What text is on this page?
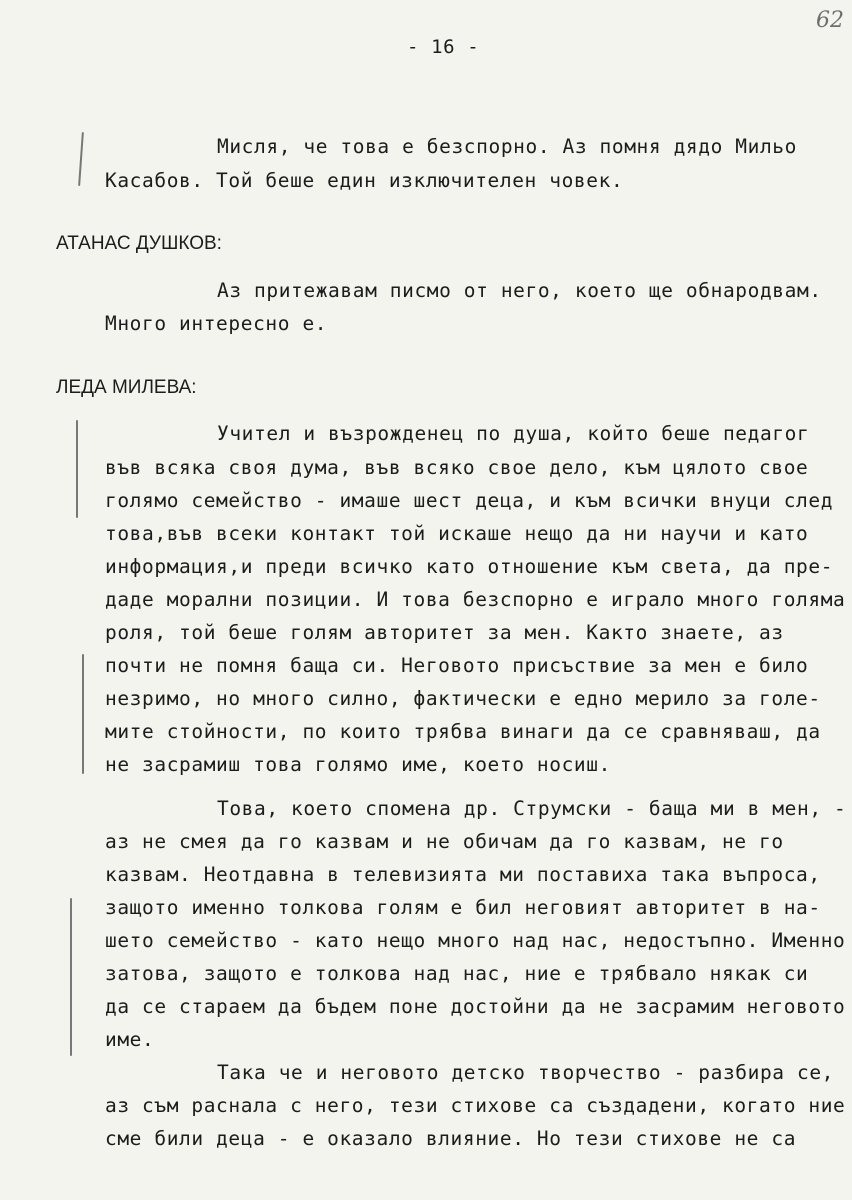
- 16 -
62
Мисля, че това е безспорно. Аз помня дядо Мильо
Касабов. Той беше един изключителен човек.
АТАНАС ДУШКОВ:
Аз притежавам писмо от него, което ще обнародвам.
Много интересно е.
ЛЕДА МИЛЕВА:
Учител и възрожденец по душа, който беше педагог
във всяка своя дума, във всяко свое дело, към цялото свое
голямо семейство - имаше шест деца, и към всички внуци след
това,във всеки контакт той искаше нещо да ни научи и като
информация,и преди всичко като отношение към света, да пре-
даде морални позиции. И това безспорно е играло много голяма
роля, той беше голям авторитет за мен. Както знаете, аз
почти не помня баща си. Неговото присъствие за мен е било
незримо, но много силно, фактически е едно мерило за голе-
мите стойности, по които трябва винаги да се сравняваш, да
не засрамиш това голямо име, което носиш.
Това, което спомена др. Струмски - баща ми в мен, -
аз не смея да го казвам и не обичам да го казвам, не го
казвам. Неотдавна в телевизията ми поставиха така въпроса,
защото именно толкова голям е бил неговият авторитет в на-
шето семейство - като нещо много над нас, недостъпно. Именно
затова, защото е толкова над нас, ние е трябвало някак си
да се стараем да бъдем поне достойни да не засрамим неговото
име.
Така че и неговото детско творчество - разбира се,
аз съм раснала с него, тези стихове са създадени, когато ние
сме били деца - е оказало влияние. Но тези стихове не са
